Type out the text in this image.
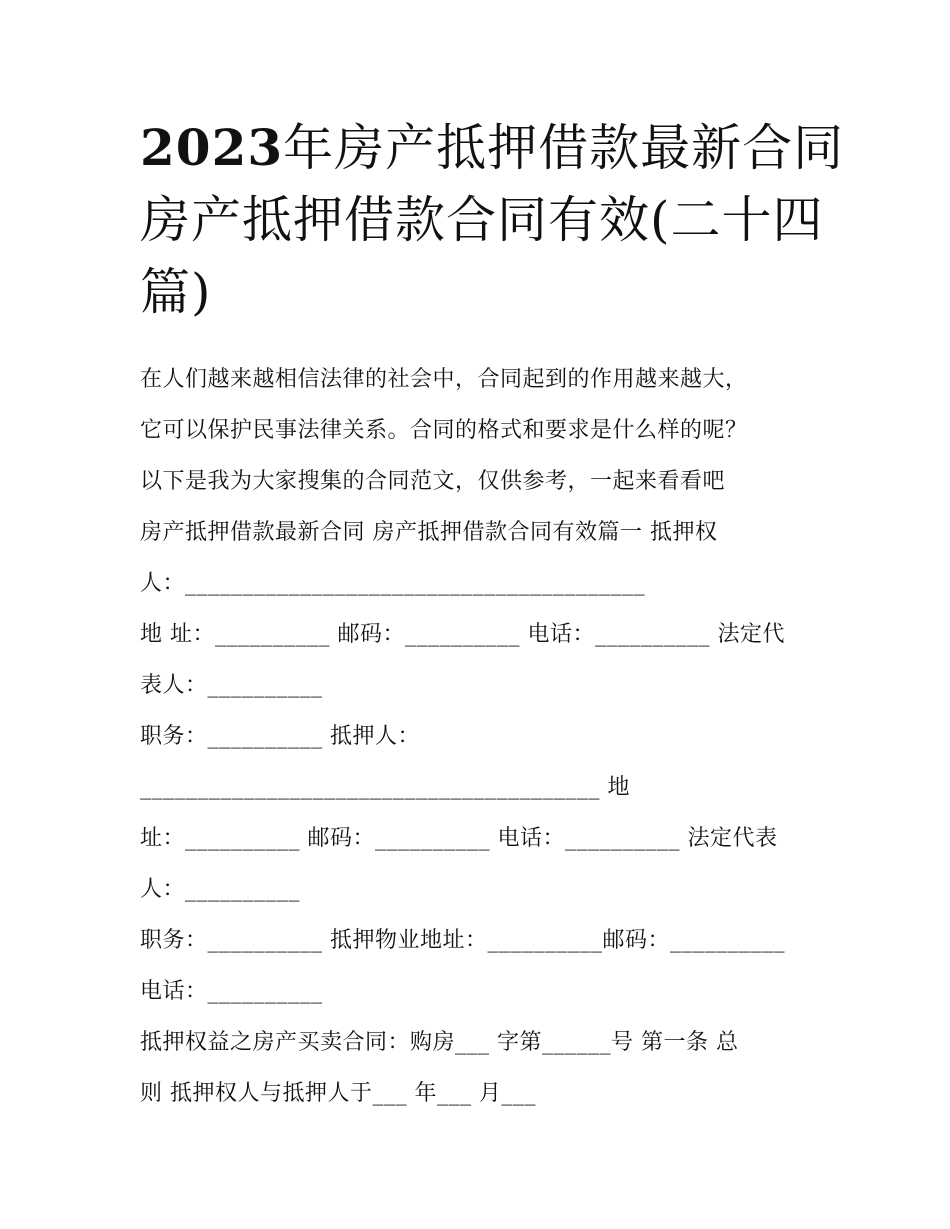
2023年房产抵押借款最新合同
房产抵押借款合同有效(二十四
篇)
在人们越来越相信法律的社会中，合同起到的作用越来越大，
它可以保护民事法律关系。合同的格式和要求是什么样的呢？
以下是我为大家搜集的合同范文，仅供参考，一起来看看吧
房产抵押借款最新合同 房产抵押借款合同有效篇一 抵押权
人：________________________________________
地 址：__________ 邮码：__________ 电话：__________ 法定代
表人：__________
职务：__________ 抵押人：
________________________________________ 地
址：__________ 邮码：__________ 电话：__________ 法定代表
人：__________
职务：__________ 抵押物业地址：__________邮码：__________
电话：__________
抵押权益之房产买卖合同：购房___ 字第______号 第一条 总
则 抵押权人与抵押人于___ 年___ 月___
